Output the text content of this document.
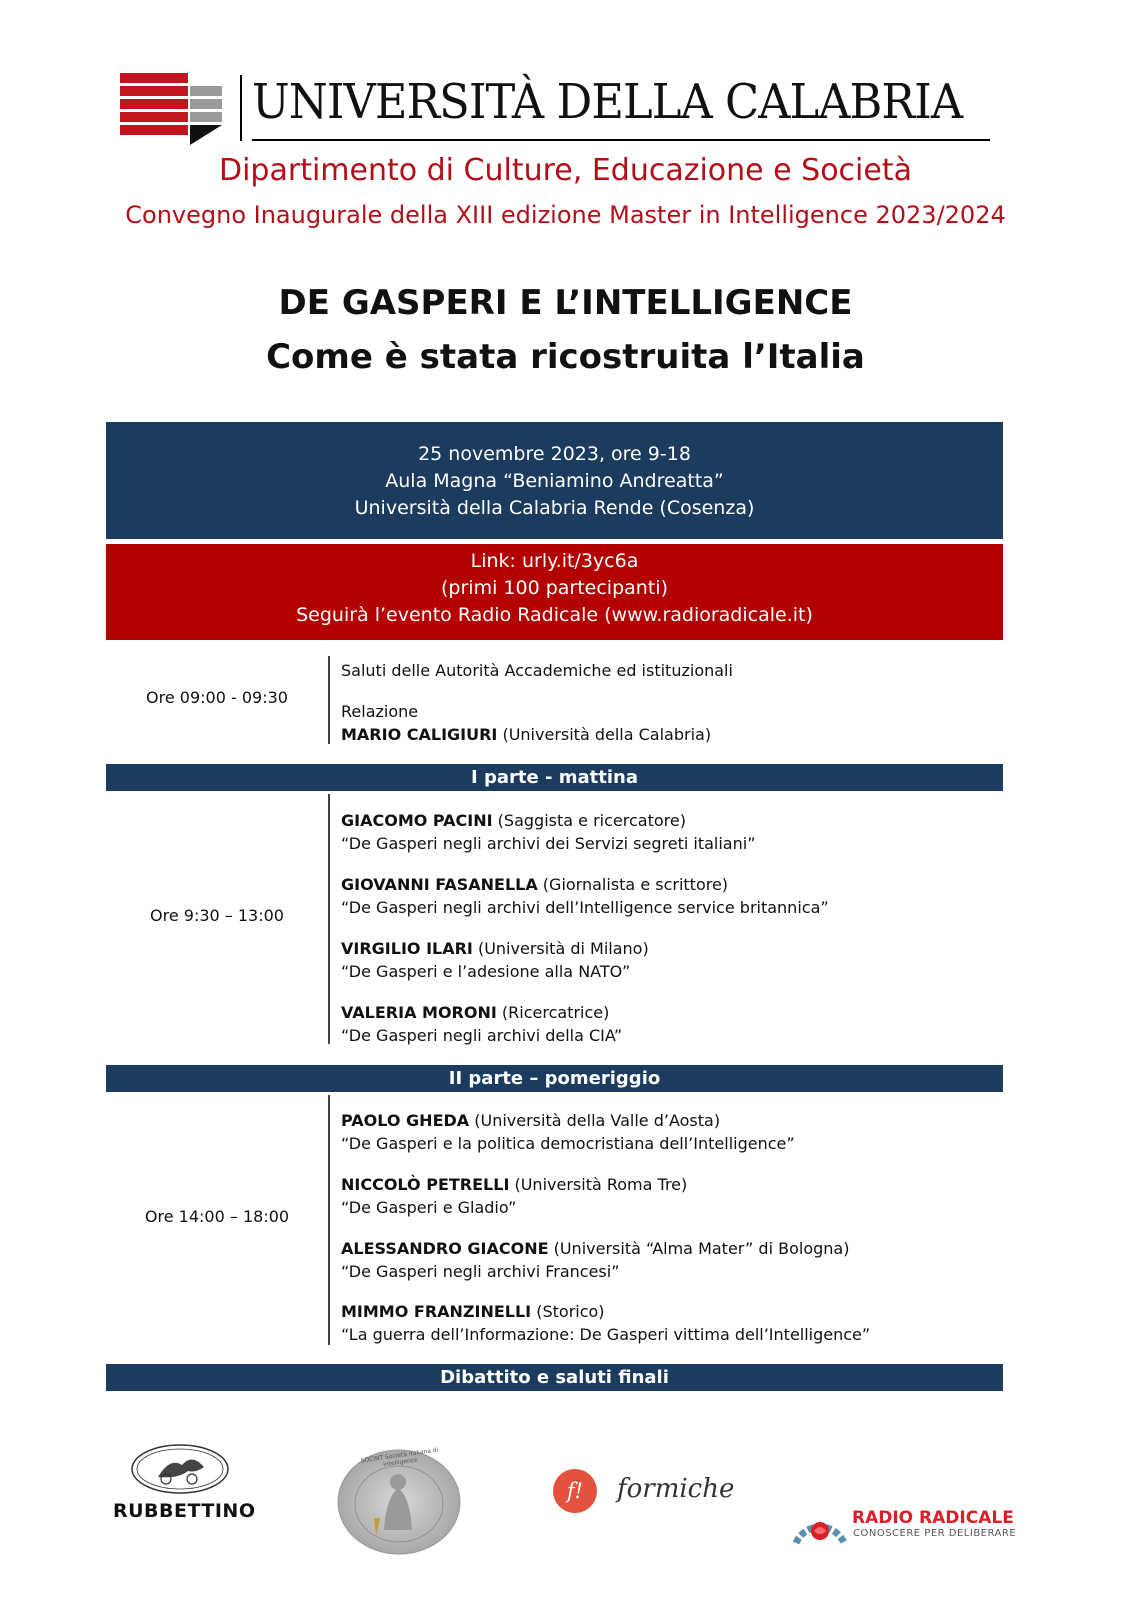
UNIVERSITÀ DELLA CALABRIA
Dipartimento di Culture, Educazione e Società
Convegno Inaugurale della XIII edizione Master in Intelligence 2023/2024
DE GASPERI E L’INTELLIGENCE
Come è stata ricostruita l’Italia
25 novembre 2023, ore 9-18
Aula Magna “Beniamino Andreatta”
Università della Calabria Rende (Cosenza)
Link: urly.it/3yc6a
(primi 100 partecipanti)
Seguirà l’evento Radio Radicale (www.radioradicale.it)
Ore 09:00 - 09:30
Saluti delle Autorità Accademiche ed istituzionali
Relazione
MARIO CALIGIURI (Università della Calabria)
I parte - mattina
Ore 9:30 – 13:00
GIACOMO PACINI (Saggista e ricercatore)
“De Gasperi negli archivi dei Servizi segreti italiani”
GIOVANNI FASANELLA (Giornalista e scrittore)
“De Gasperi negli archivi dell’Intelligence service britannica”
VIRGILIO ILARI (Università di Milano)
“De Gasperi e l’adesione alla NATO”
VALERIA MORONI (Ricercatrice)
“De Gasperi negli archivi della CIA”
II parte – pomeriggio
Ore 14:00 – 18:00
PAOLO GHEDA (Università della Valle d’Aosta)
“De Gasperi e la politica democristiana dell’Intelligence”
NICCOLÒ PETRELLI (Università Roma Tre)
“De Gasperi e Gladio”
ALESSANDRO GIACONE (Università “Alma Mater” di Bologna)
“De Gasperi negli archivi Francesi”
MIMMO FRANZINELLI (Storico)
“La guerra dell’Informazione: De Gasperi vittima dell’Intelligence”
Dibattito e saluti finali
RUBBETTINO
SOCINT Società italiana di intelligence
f!	formiche
RADIO RADICALE
CONOSCERE PER DELIBERARE
